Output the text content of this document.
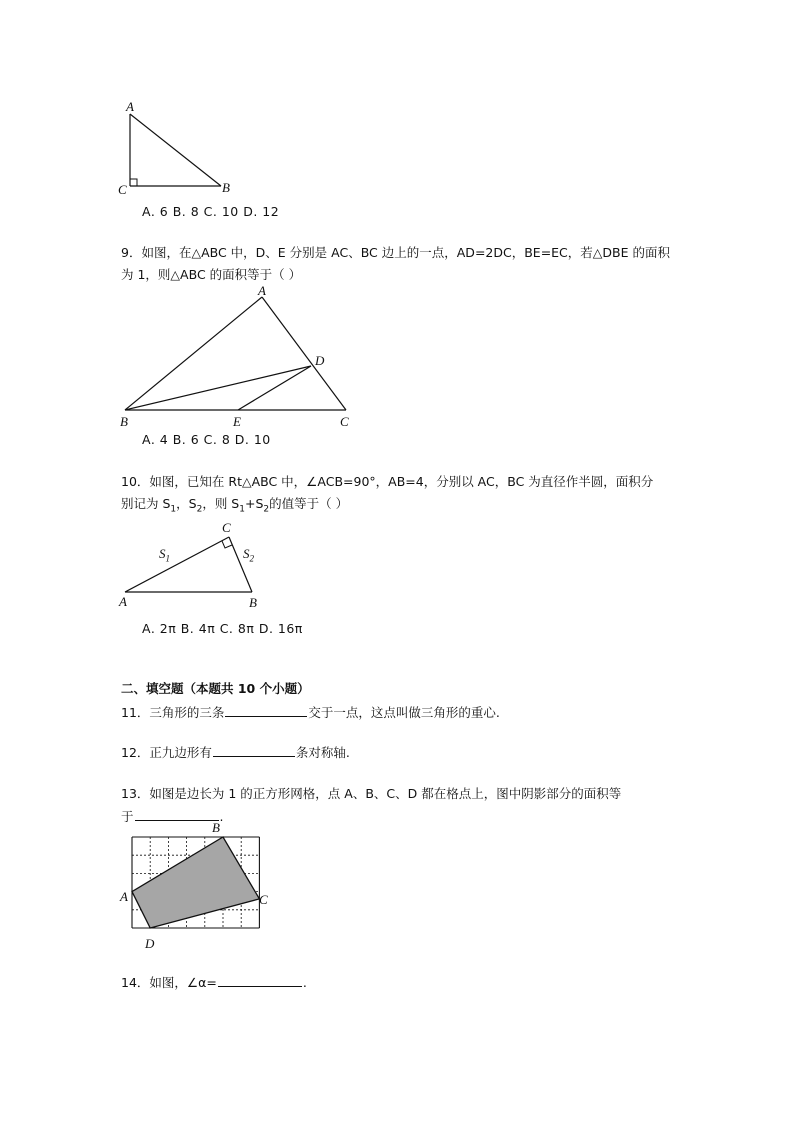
A
C	B
A. 6 B. 8 C. 10 D. 12
9．如图，在△ABC 中，D、E 分别是 AC、BC 边上的一点，AD=2DC，BE=EC，若△DBE 的面积
为 1，则△ABC 的面积等于（ ）
A
D
B	E	C
A. 4 B. 6 C. 8 D. 10
10．如图，已知在 Rt△ABC 中，∠ACB=90°，AB=4，分别以 AC，BC 为直径作半圆，面积分
别记为 $S_1$，$S_2$，则 $S_1+S_2$的值等于（ ）
C
$S_1$	$S_2$
A	B
A. 2π B. 4π C. 8π D. 16π
二、填空题（本题共 10 个小题）
11．三角形的三条	交于一点，这点叫做三角形的重心.
12．正九边形有	条对称轴.
13．如图是边长为 1 的正方形网格，点 A、B、C、D 都在格点上，图中阴影部分的面积等
于	.
B
A	C
D
14．如图，∠α=	.
